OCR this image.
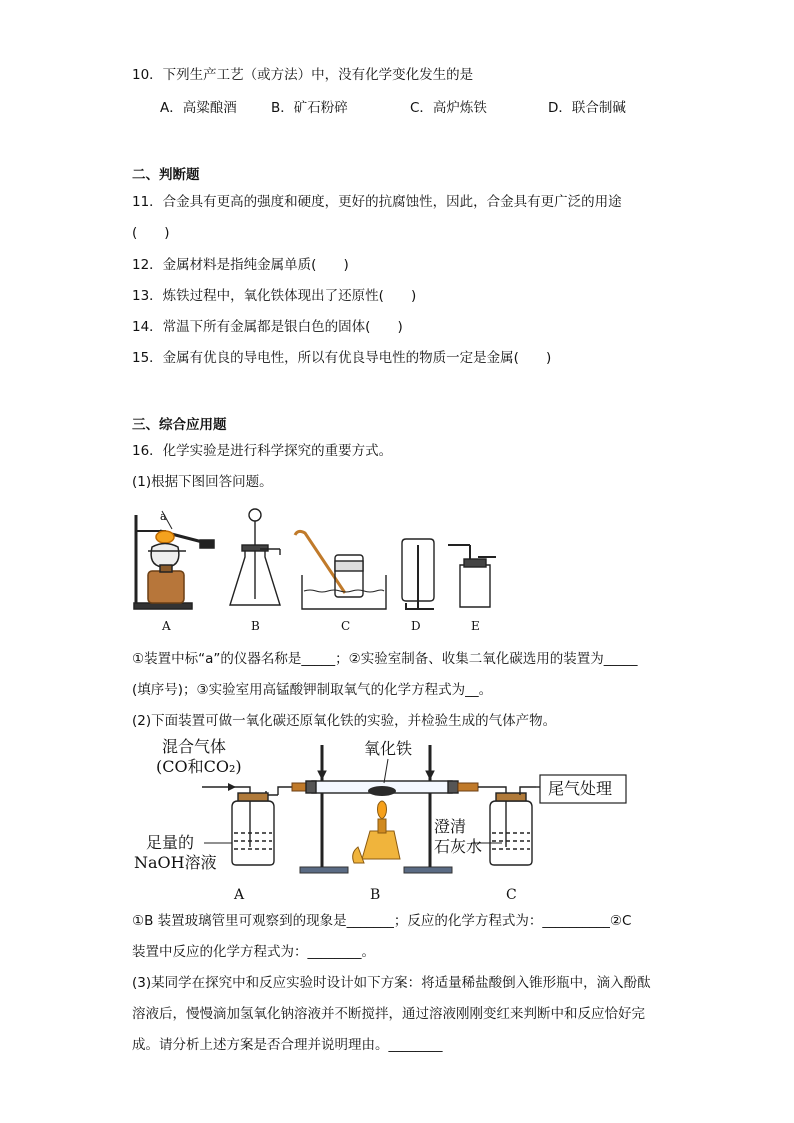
10．下列生产工艺（或方法）中，没有化学变化发生的是
A．高粱酿酒	B．矿石粉碎	C．高炉炼铁	D．联合制碱
二、判断题
11．合金具有更高的强度和硬度，更好的抗腐蚀性，因此，合金具有更广泛的用途
(　　)
12．金属材料是指纯金属单质(　　)
13．炼铁过程中，氧化铁体现出了还原性(　　)
14．常温下所有金属都是银白色的固体(　　)
15．金属有优良的导电性，所以有优良导电性的物质一定是金属(　　)
三、综合应用题
16．化学实验是进行科学探究的重要方式。
(1)根据下图回答问题。
a
A	B	C	D	E
①装置中标“a”的仪器名称是_____；②实验室制备、收集二氧化碳选用的装置为_____
(填序号)；③实验室用高锰酸钾制取氧气的化学方程式为__。
(2)下面装置可做一氧化碳还原氧化铁的实验，并检验生成的气体产物。
混合气体
(CO和CO₂)
氧化铁
尾气处理
足量的
NaOH溶液
澄清
石灰水
A	B	C
①B 装置玻璃管里可观察到的现象是_______；反应的化学方程式为：__________②C
装置中反应的化学方程式为：________。
(3)某同学在探究中和反应实验时设计如下方案：将适量稀盐酸倒入锥形瓶中，滴入酚酞
溶液后，慢慢滴加氢氧化钠溶液并不断搅拌，通过溶液刚刚变红来判断中和反应恰好完
成。请分析上述方案是否合理并说明理由。________
